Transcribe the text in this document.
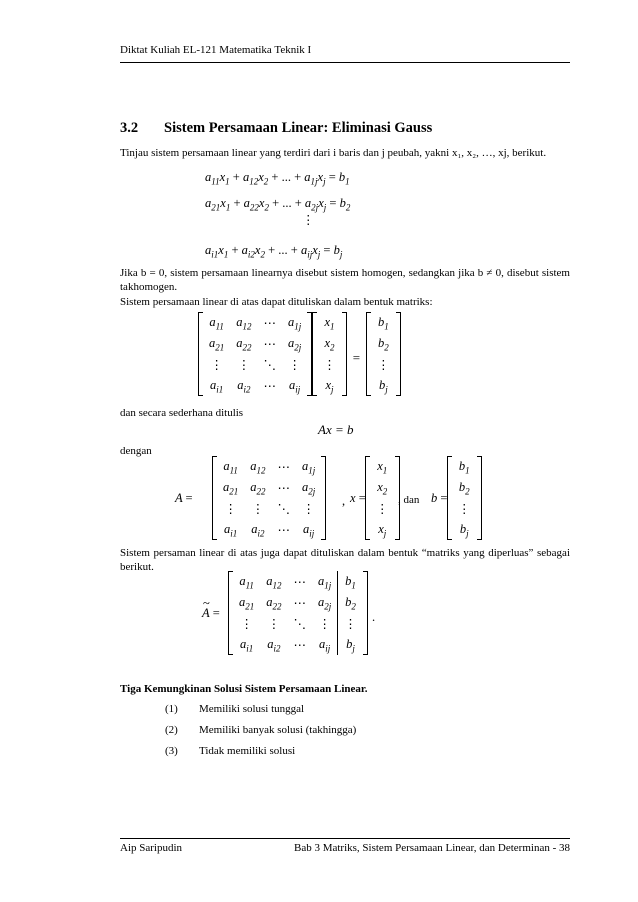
Diktat Kuliah EL-121 Matematika Teknik I
3.2 Sistem Persamaan Linear: Eliminasi Gauss
Tinjau sistem persamaan linear yang terdiri dari i baris dan j peubah, yakni x₁, x₂, …, xj, berikut.
$a_{11}x_1 + a_{12}x_2$ + ... + $a_{1j}x_j = b_1$
$a_{21}x_1 + a_{22}x_2$ + ... + $a_{2j}x_j = b_2$
⋮
$a_{i1}x_1 + a_{i2}x_2$ + ... + $a_{ij}x_j = b_j$
Jika b = 0, sistem persamaan linearnya disebut sistem homogen, sedangkan jika b ≠ 0, disebut sistem takhomogen.
Sistem persamaan linear di atas dapat dituliskan dalam bentuk matriks:
$a_{11}$	$a_{12}$	⋯	$a_{1j}$
$a_{21}$	$a_{22}$	⋯	$a_{2j}$
⋮	⋮	⋱	⋮
$a_{i1}$	$a_{i2}$	⋯	$a_{ij}$
$x_1$
$x_2$
⋮
$x_j$
=
$b_1$
$b_2$
⋮
$b_j$
dan secara sederhana ditulis
Ax = b
dengan
A =
$a_{11}$	$a_{12}$	⋯	$a_{1j}$
$a_{21}$	$a_{22}$	⋯	$a_{2j}$
⋮	⋮	⋱	⋮
$a_{i1}$	$a_{i2}$	⋯	$a_{ij}$
, x =
$x_1$
$x_2$
⋮
$x_j$
, dan b =
$b_1$
$b_2$
⋮
$b_j$
Sistem persaman linear di atas juga dapat dituliskan dalam bentuk “matriks yang diperluas” sebagai berikut.
A
~
=
$a_{11}$	$a_{12}$	⋯	$a_{1j}$	$b_1$
$a_{21}$	$a_{22}$	⋯	$a_{2j}$	$b_2$
⋮	⋮	⋱	⋮	⋮
$a_{i1}$	$a_{i2}$	⋯	$a_{ij}$	$b_j$
.
Tiga Kemungkinan Solusi Sistem Persamaan Linear.
(1) Memiliki solusi tunggal
(2) Memiliki banyak solusi (takhingga)
(3) Tidak memiliki solusi
Aip Saripudin	Bab 3 Matriks, Sistem Persamaan Linear, dan Determinan - 38
